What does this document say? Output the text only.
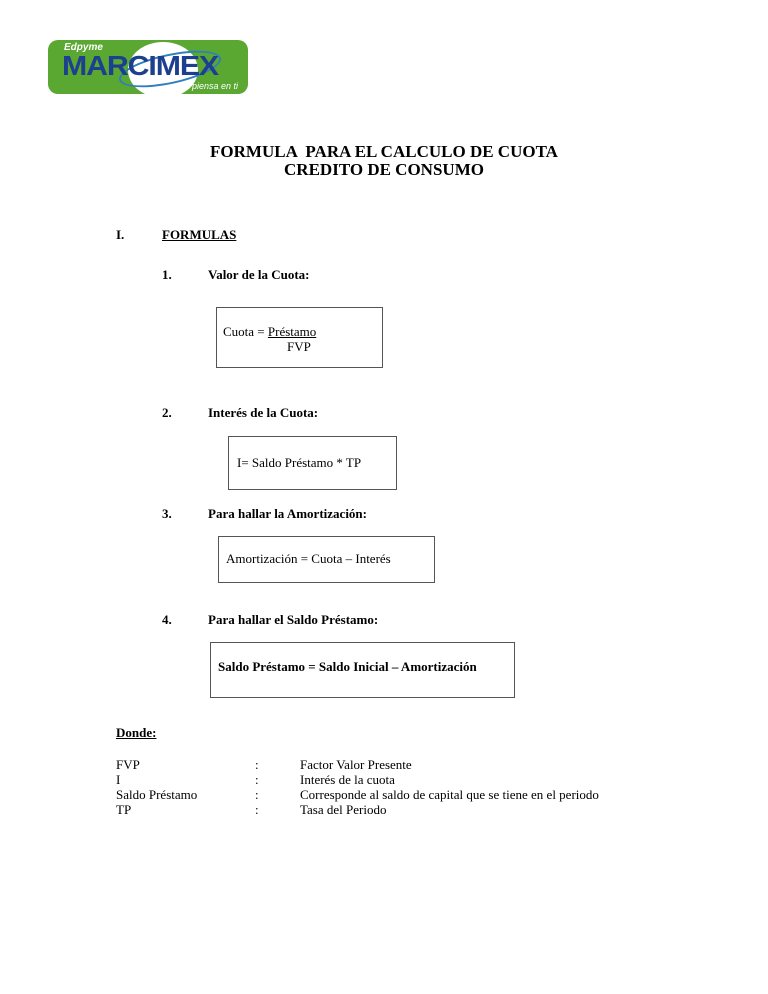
Edpyme
MARCIMEX
piensa en ti
FORMULA  PARA EL CALCULO DE CUOTA
CREDITO DE CONSUMO
I.	FORMULAS
1.	Valor de la Cuota:
Cuota = Préstamo
FVP
2.	Interés de la Cuota:
I= Saldo Préstamo * TP
3.	Para hallar la Amortización:
Amortización = Cuota – Interés
4.	Para hallar el Saldo Préstamo:
Saldo Préstamo = Saldo Inicial – Amortización
Donde:
FVP	:	Factor Valor Presente
I	:	Interés de la cuota
Saldo Préstamo	:	Corresponde al saldo de capital que se tiene en el periodo
TP	:	Tasa del Periodo
